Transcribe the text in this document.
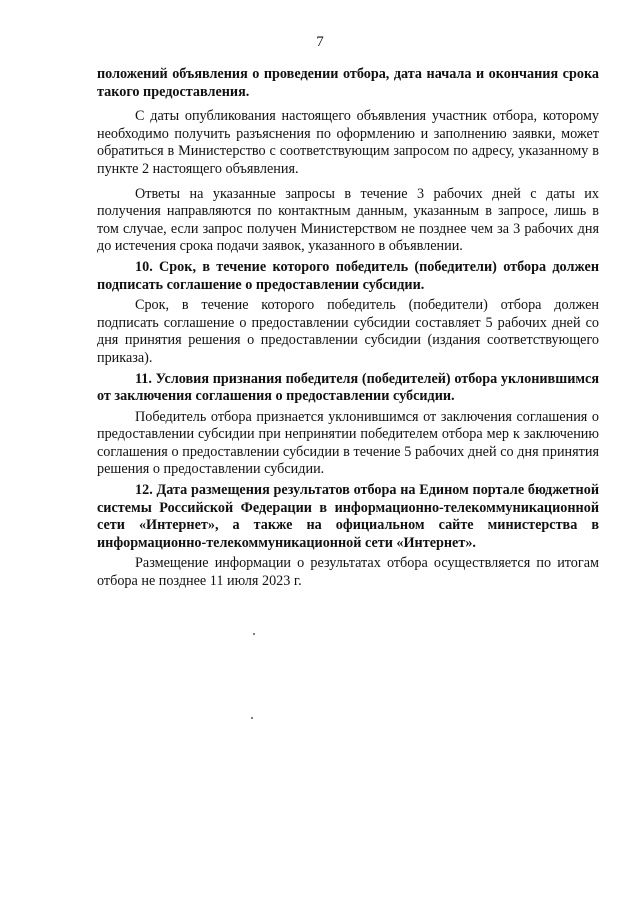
7

положений объявления о проведении отбора, дата начала и окончания срока такого предоставления.

С даты опубликования настоящего объявления участник отбора, которому необходимо получить разъяснения по оформлению и заполнению заявки, может обратиться в Министерство с соответствующим запросом по адресу, указанному в пункте 2 настоящего объявления.

Ответы на указанные запросы в течение 3 рабочих дней с даты их получения направляются по контактным данным, указанным в запросе, лишь в том случае, если запрос получен Министерством не позднее чем за 3 рабочих дня до истечения срока подачи заявок, указанного в объявлении.

10. Срок, в течение которого победитель (победители) отбора должен подписать соглашение о предоставлении субсидии.

Срок, в течение которого победитель (победители) отбора должен подписать соглашение о предоставлении субсидии составляет 5 рабочих дней со дня принятия решения о предоставлении субсидии (издания соответствующего приказа).

11. Условия признания победителя (победителей) отбора уклонившимся от заключения соглашения о предоставлении субсидии.

Победитель отбора признается уклонившимся от заключения соглашения о предоставлении субсидии при непринятии победителем отбора мер к заключению соглашения о предоставлении субсидии в течение 5 рабочих дней со дня принятия решения о предоставлении субсидии.

12. Дата размещения результатов отбора на Едином портале бюджетной системы Российской Федерации в информационно-телекоммуникационной сети «Интернет», а также на официальном сайте министерства в информационно-телекоммуникационной сети «Интернет».

Размещение информации о результатах отбора осуществляется по итогам отбора не позднее 11 июля 2023 г.
